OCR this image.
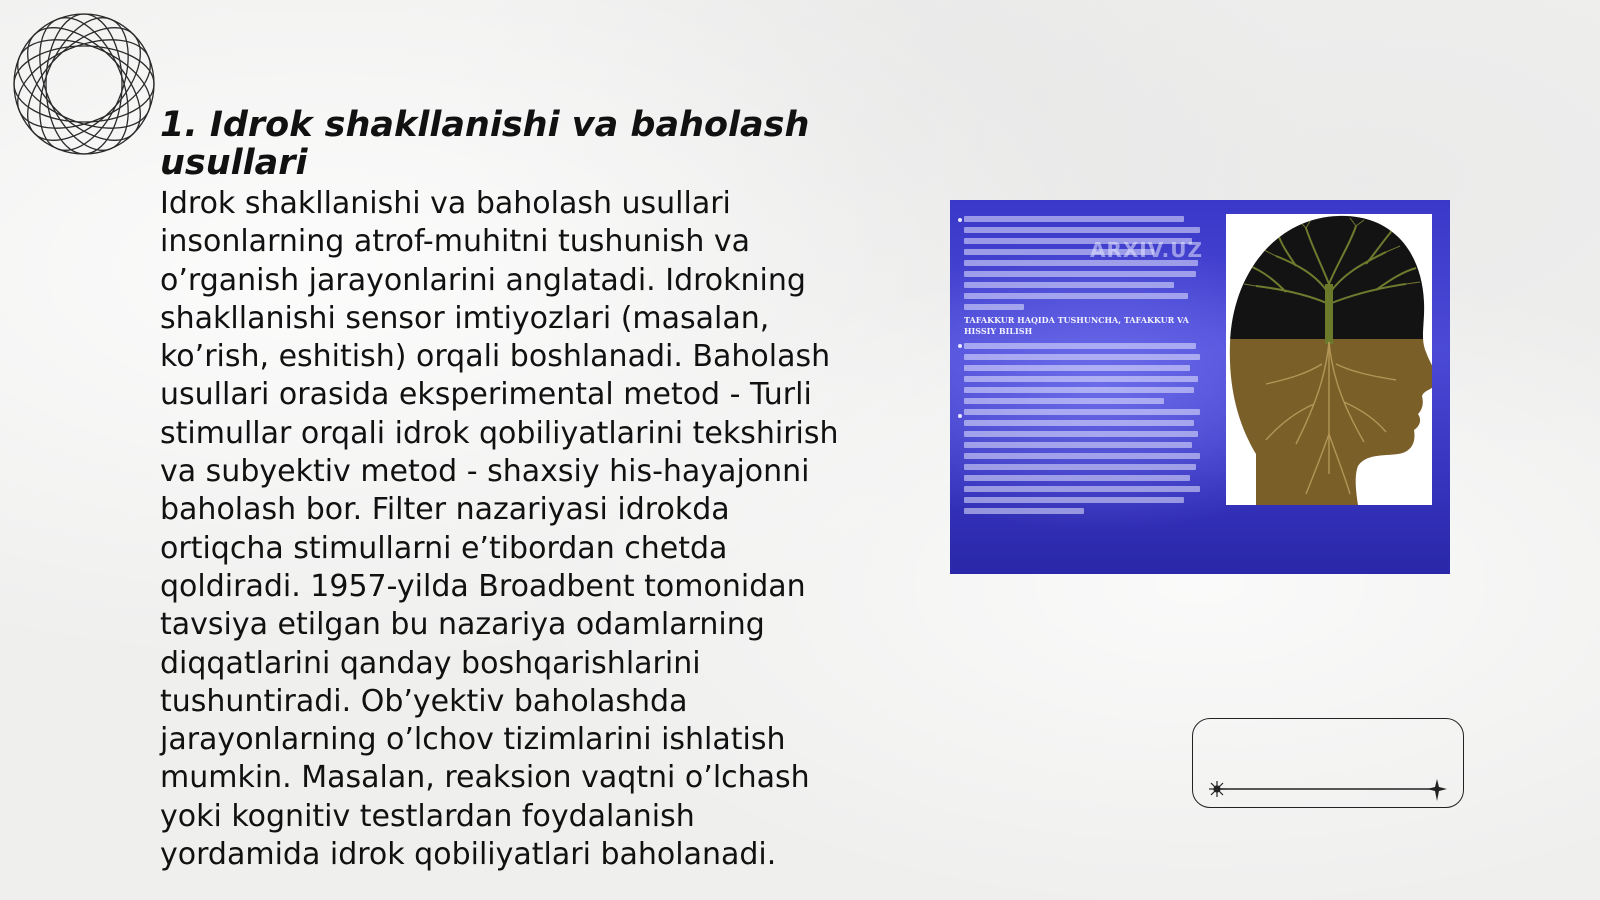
1. Idrok shakllanishi va baholash usullari

Idrok shakllanishi va baholash usullari insonlarning atrof-muhitni tushunish va o’rganish jarayonlarini anglatadi. Idrokning shakllanishi sensor imtiyozlari (masalan, ko’rish, eshitish) orqali boshlanadi. Baholash usullari orasida eksperimental metod - Turli stimullar orqali idrok qobiliyatlarini tekshirish va subyektiv metod - shaxsiy his-hayajonni baholash bor. Filter nazariyasi idrokda ortiqcha stimullarni e’tibordan chetda qoldiradi. 1957-yilda Broadbent tomonidan tavsiya etilgan bu nazariya odamlarning diqqatlarini qanday boshqarishlarini tushuntiradi. Ob’yektiv baholashda jarayonlarning o’lchov tizimlarini ishlatish mumkin. Masalan, reaksion vaqtni o’lchash yoki kognitiv testlardan foydalanish yordamida idrok qobiliyatlari baholanadi.

TAFAKKUR HAQIDA TUSHUNCHA, TAFAKKUR VA HISSIY BILISH
ARXIV.UZ
